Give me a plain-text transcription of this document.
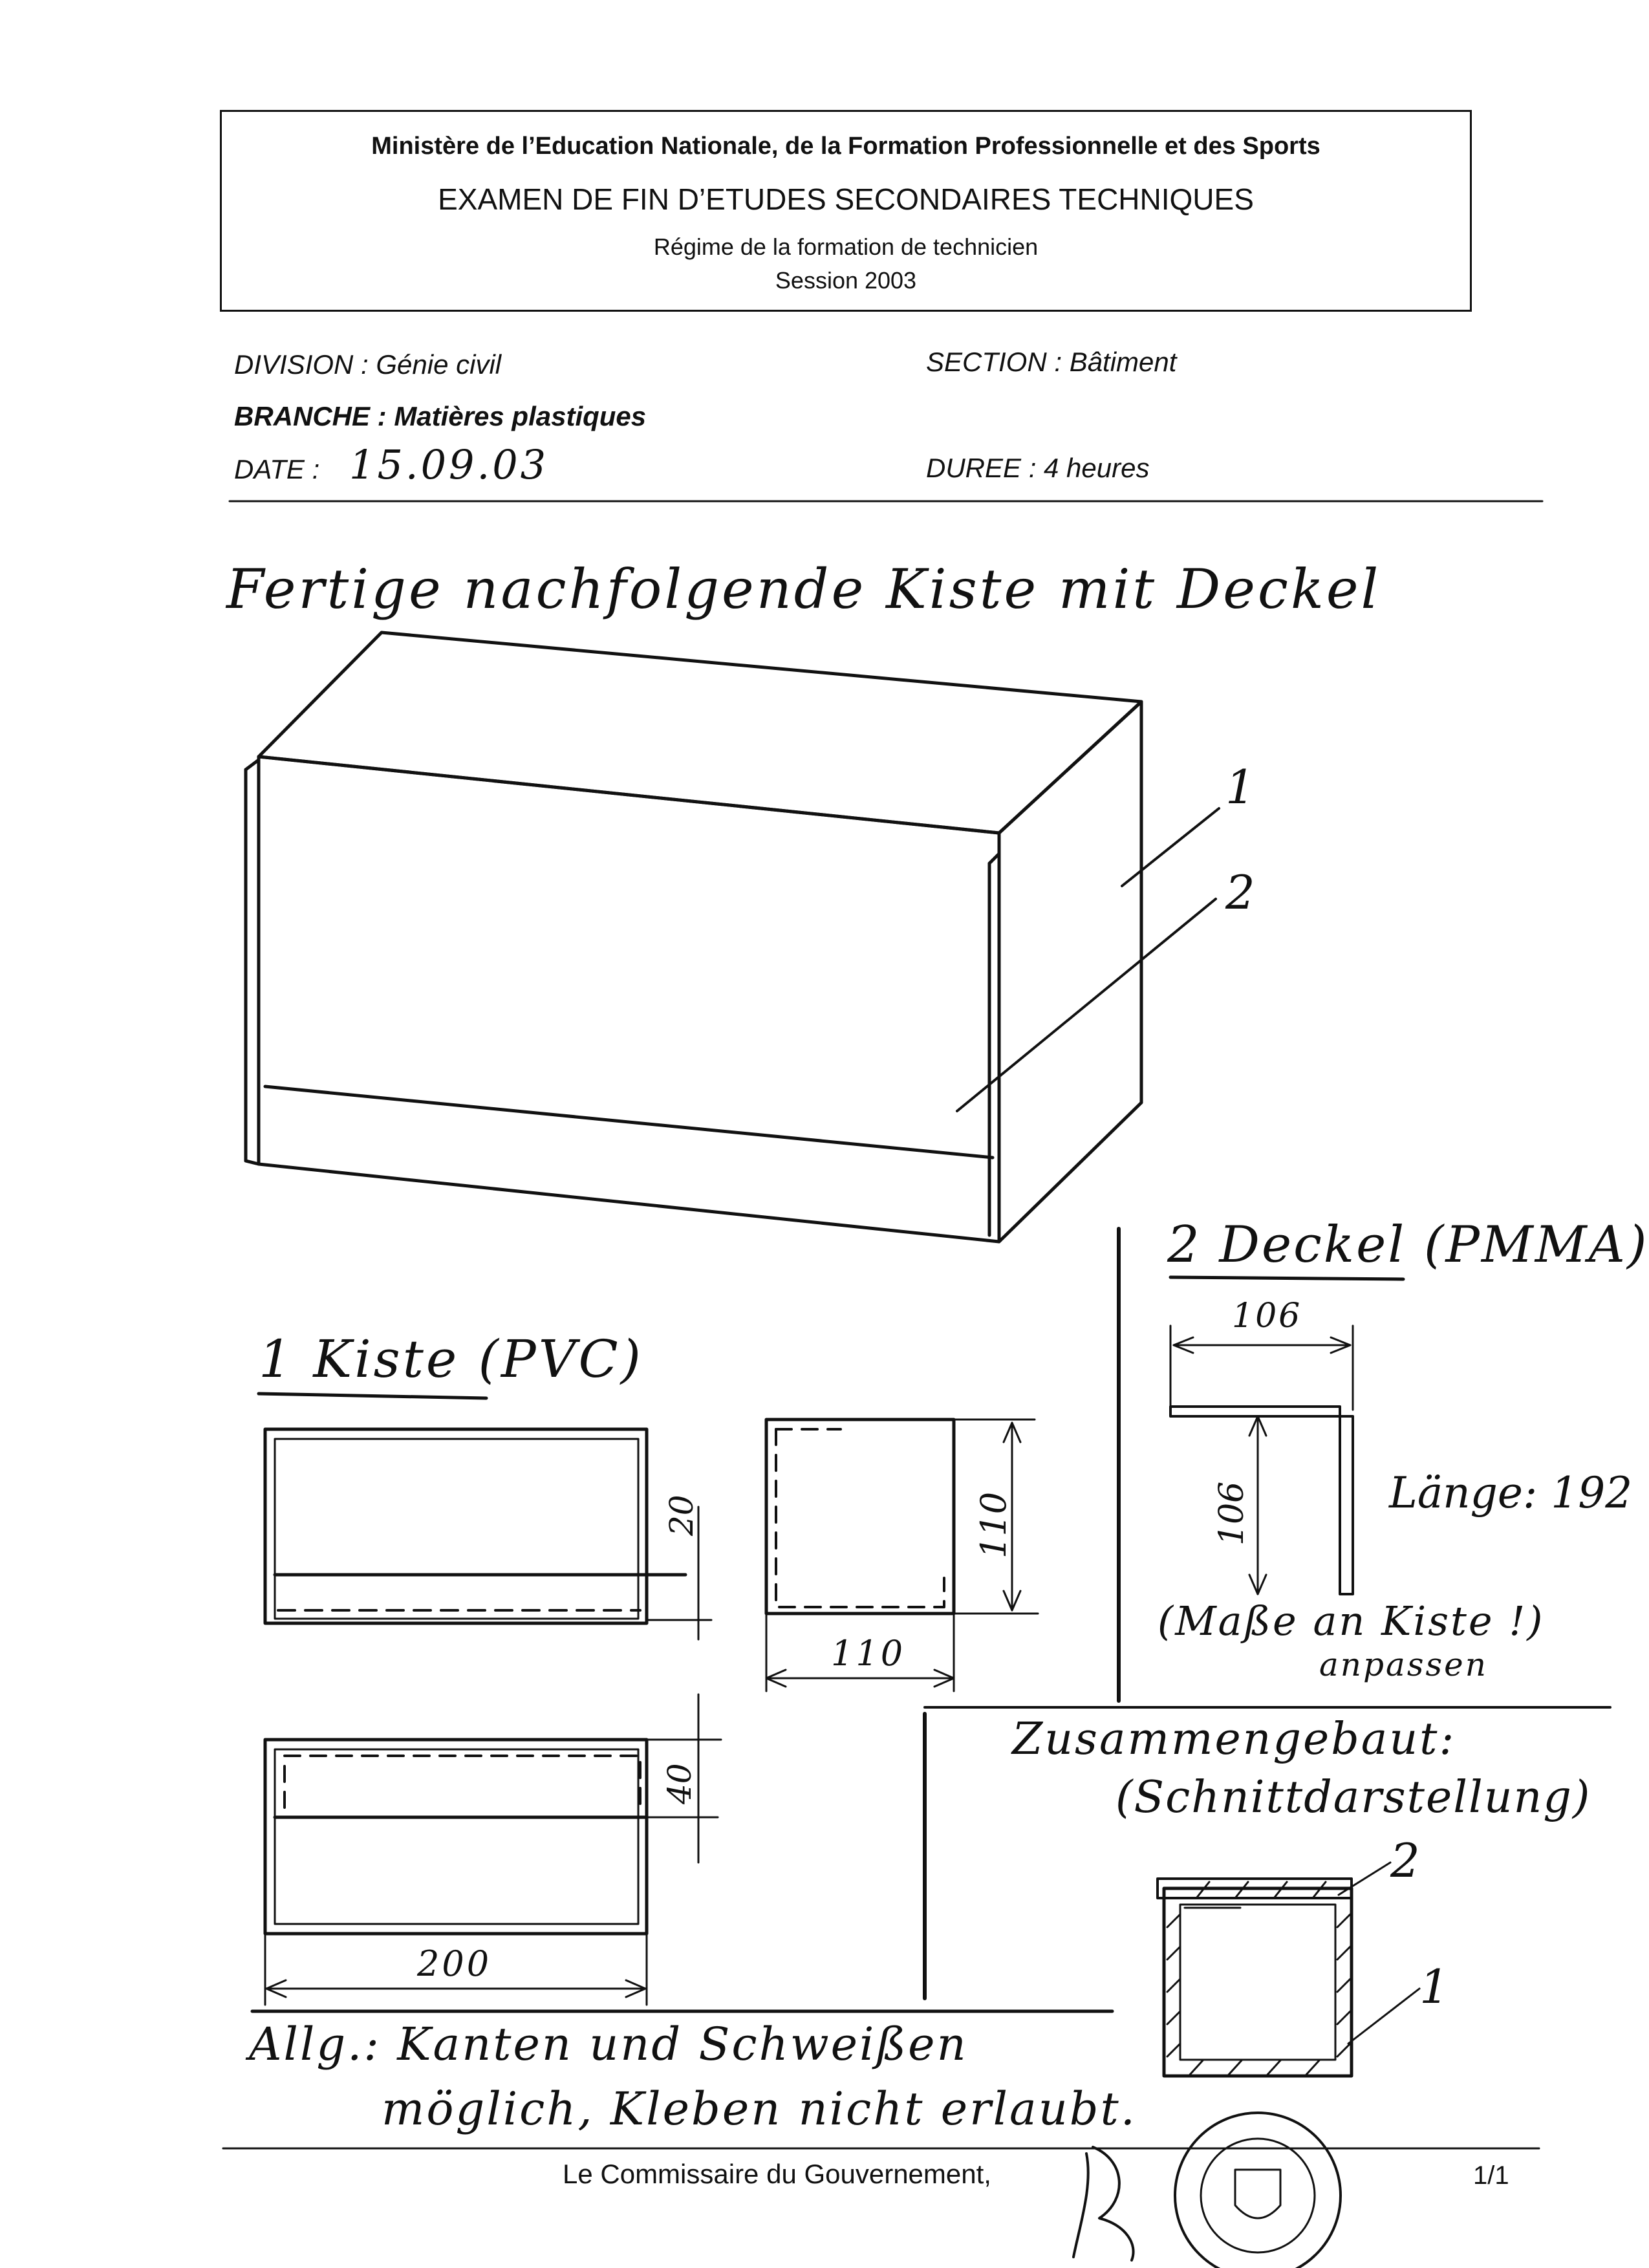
Ministère de l’Education Nationale, de la Formation Professionnelle et des Sports
EXAMEN DE FIN D’ETUDES SECONDAIRES TECHNIQUES
Régime de la formation de technicien
Session 2003
DIVISION : Génie civil	SECTION : Bâtiment
BRANCHE : Matières plastiques
DATE : 15.09.03	DUREE : 4 heures
Fertige nachfolgende Kiste mit Deckel
1
2
1 Kiste (PVC)
20	110
110
40
200
2 Deckel (PMMA)
106
106	Länge: 192
(Maße an Kiste !)
anpassen
Zusammengebaut:
(Schnittdarstellung)
2
1
Allg.: Kanten und Schweißen
möglich, Kleben nicht erlaubt.
Le Commissaire du Gouvernement,	1/1
